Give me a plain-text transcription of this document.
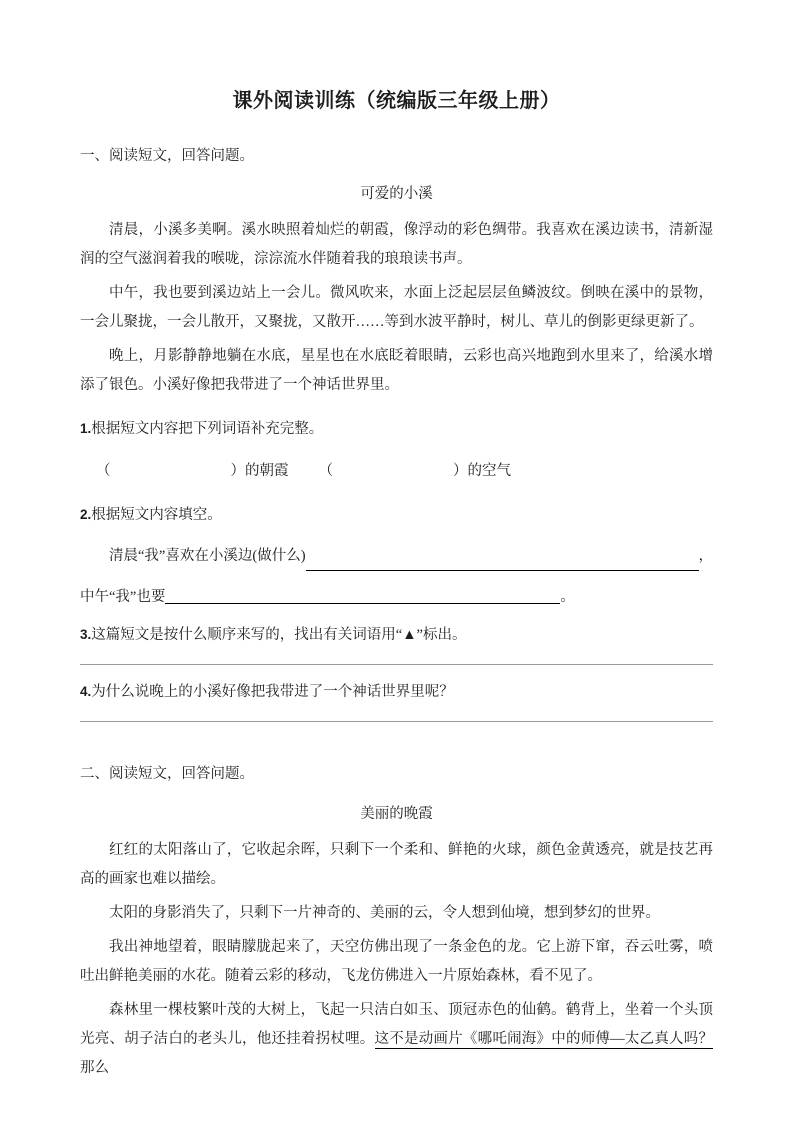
课外阅读训练（统编版三年级上册）
一、阅读短文，回答问题。
可爱的小溪

清晨，小溪多美啊。溪水映照着灿烂的朝霞，像浮动的彩色绸带。我喜欢在溪边读书，清新湿润的空气滋润着我的喉咙，淙淙流水伴随着我的琅琅读书声。

中午，我也要到溪边站上一会儿。微风吹来，水面上泛起层层鱼鳞波纹。倒映在溪中的景物，一会儿聚拢，一会儿散开，又聚拢，又散开……等到水波平静时，树儿、草儿的倒影更绿更新了。

晚上，月影静静地躺在水底，星星也在水底眨着眼睛，云彩也高兴地跑到水里来了，给溪水增添了银色。小溪好像把我带进了一个神话世界里。

1.根据短文内容把下列词语补充完整。
（	）的朝霞 （	）的空气
2.根据短文内容填空。
清晨“我”喜欢在小溪边(做什么)	，
中午“我”也要	。
3.这篇短文是按什么顺序来写的，找出有关词语用“▲”标出。
4.为什么说晚上的小溪好像把我带进了一个神话世界里呢？
二、阅读短文，回答问题。
美丽的晚霞

红红的太阳落山了，它收起余晖，只剩下一个柔和、鲜艳的火球，颜色金黄透亮，就是技艺再高的画家也难以描绘。

太阳的身影消失了，只剩下一片神奇的、美丽的云，令人想到仙境，想到梦幻的世界。

我出神地望着，眼睛朦胧起来了，天空仿佛出现了一条金色的龙。它上游下窜，吞云吐雾，喷吐出鲜艳美丽的水花。随着云彩的移动，飞龙仿佛进入一片原始森林，看不见了。

森林里一棵枝繁叶茂的大树上，飞起一只洁白如玉、顶冠赤色的仙鹤。鹤背上，坐着一个头顶光亮、胡子洁白的老头儿，他还挂着拐杖哩。这不是动画片《哪吒闹海》中的师傅—太乙真人吗？那么
